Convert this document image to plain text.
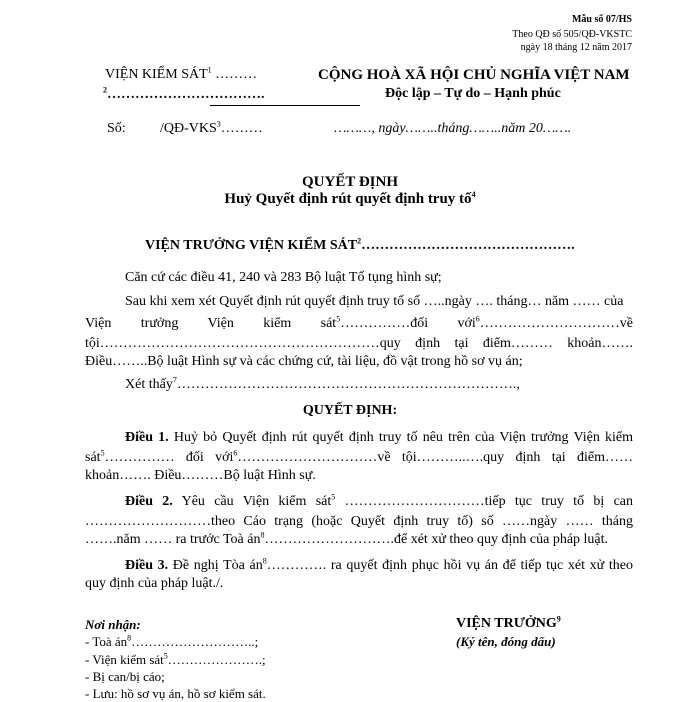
Mẫu số 07/HS
Theo QĐ số 505/QĐ-VKSTC
ngày 18 tháng 12 năm 2017
VIỆN KIỂM SÁT$^1$ ………
$^2$…………………………….
CỘNG HOÀ XÃ HỘI CHỦ NGHĨA VIỆT NAM
Độc lập – Tự do – Hạnh phúc
Số: /QĐ-VKS$^3$………	………, ngày……..tháng……..năm 20…….
QUYẾT ĐỊNH
Huỷ Quyết định rút quyết định truy tố$^4$
VIỆN TRƯỞNG VIỆN KIỂM SÁT$^2$……………………………………….
Căn cứ các điều 41, 240 và 283 Bộ luật Tố tụng hình sự;
Sau khi xem xét Quyết định rút quyết định truy tố số …..ngày …. tháng… năm …… của
Viện trưởng Viện kiểm sát$^5$……………đối với$^6$…………………………về
tội……………………………………………………quy định tại điểm……… khoản…….
Điều……..Bộ luật Hình sự và các chứng cứ, tài liệu, đồ vật trong hồ sơ vụ án;
Xét thấy$^7$……………………………………………………………….,
QUYẾT ĐỊNH:
Điều 1. Huỷ bỏ Quyết định rút quyết định truy tố nêu trên của Viện trưởng Viện kiểm
sát$^5$…………… đối với$^6$…………………………về tội………..….quy định tại điểm……
khoản……. Điều………Bộ luật Hình sự.
Điều 2. Yêu cầu Viện kiểm sát$^5$ …………………………tiếp tục truy tố bị can
………………………theo Cáo trạng (hoặc Quyết định truy tố) số ……ngày …… tháng
…….năm …… ra trước Toà $án^8\dots\dots\dots\dots\dots\dots\dots\dots\dots.để$ xét xử theo quy định của pháp luật.
Điều 3. Đề nghị Tòa $án^8\dots\dots\dots\dots$. ra quyết định phục hồi vụ án để tiếp tục xét xử theo
quy định của pháp luật./.
Nơi nhận:
- Toà $án^8\dots\dots\dots\dots\dots\dots\dots\dots\dots$..;
- Viện kiểm sát$^5$………………….;
- Bị can/bị cáo;
- Lưu: hồ sơ vụ án, hồ sơ kiểm sát.
VIỆN TRƯỞNG$^9$
(Ký tên, đóng dấu)
